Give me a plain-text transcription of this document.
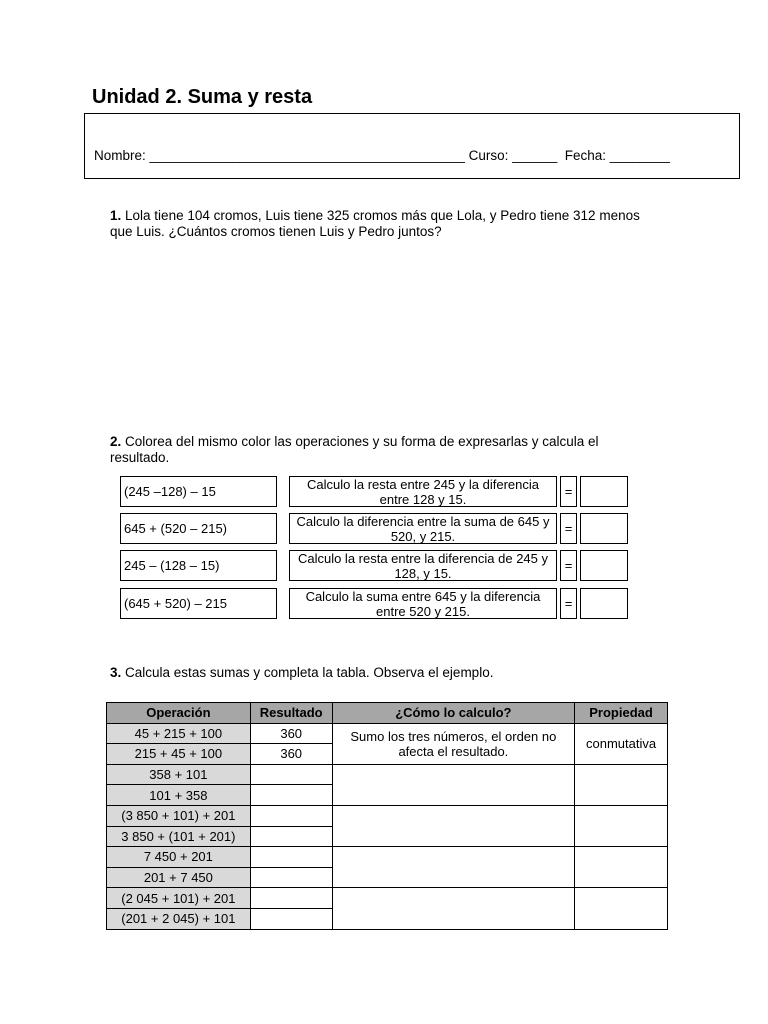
Unidad 2. Suma y resta
Nombre: __________________________________________ Curso: ______ Fecha: ________
1. Lola tiene 104 cromos, Luis tiene 325 cromos más que Lola, y Pedro tiene 312 menos que Luis. ¿Cuántos cromos tienen Luis y Pedro juntos?
2. Colorea del mismo color las operaciones y su forma de expresarlas y calcula el resultado.
(245 –128) – 15	Calculo la resta entre 245 y la diferencia entre 128 y 15.	=
645 + (520 – 215)	Calculo la diferencia entre la suma de 645 y 520, y 215.	=
245 – (128 – 15)	Calculo la resta entre la diferencia de 245 y 128, y 15.	=
(645 + 520) – 215	Calculo la suma entre 645 y la diferencia entre 520 y 215.	=
3. Calcula estas sumas y completa la tabla. Observa el ejemplo.
Operación	Resultado	¿Cómo lo calculo?	Propiedad
45 + 215 + 100	360	Sumo los tres números, el orden no afecta el resultado.	conmutativa
215 + 45 + 100	360		
358 + 101			
101 + 358			
(3 850 + 101) + 201			
3 850 + (101 + 201)			
7 450 + 201			
201 + 7 450			
(2 045 + 101) + 201			
(201 + 2 045) + 101			
